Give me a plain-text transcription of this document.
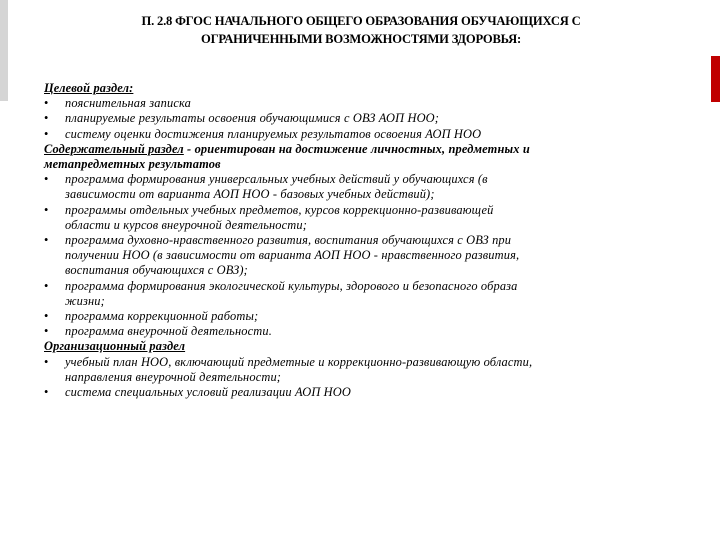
П. 2.8 ФГОС НАЧАЛЬНОГО ОБЩЕГО ОБРАЗОВАНИЯ ОБУЧАЮЩИХСЯ С
ОГРАНИЧЕННЫМИ ВОЗМОЖНОСТЯМИ ЗДОРОВЬЯ:
Целевой раздел:
•	пояснительная записка
•	планируемые результаты освоения обучающимися с ОВЗ АОП НОО;
•	систему оценки достижения планируемых результатов освоения АОП НОО
Содержательный раздел - ориентирован на достижение личностных, предметных и
метапредметных результатов
•	программа формирования универсальных учебных действий у обучающихся (в
зависимости от варианта АОП НОО - базовых учебных действий);
•	программы отдельных учебных предметов, курсов коррекционно-развивающей
области и курсов внеурочной деятельности;
•	программа духовно-нравственного развития, воспитания обучающихся с ОВЗ при
получении НОО (в зависимости от варианта АОП НОО - нравственного развития,
воспитания обучающихся с ОВЗ);
•	программа формирования экологической культуры, здорового и безопасного образа
жизни;
•	программа коррекционной работы;
•	программа внеурочной деятельности.
Организационный раздел
•	учебный план НОО, включающий предметные и коррекционно-развивающую области,
направления внеурочной деятельности;
•	система специальных условий реализации АОП НОО
